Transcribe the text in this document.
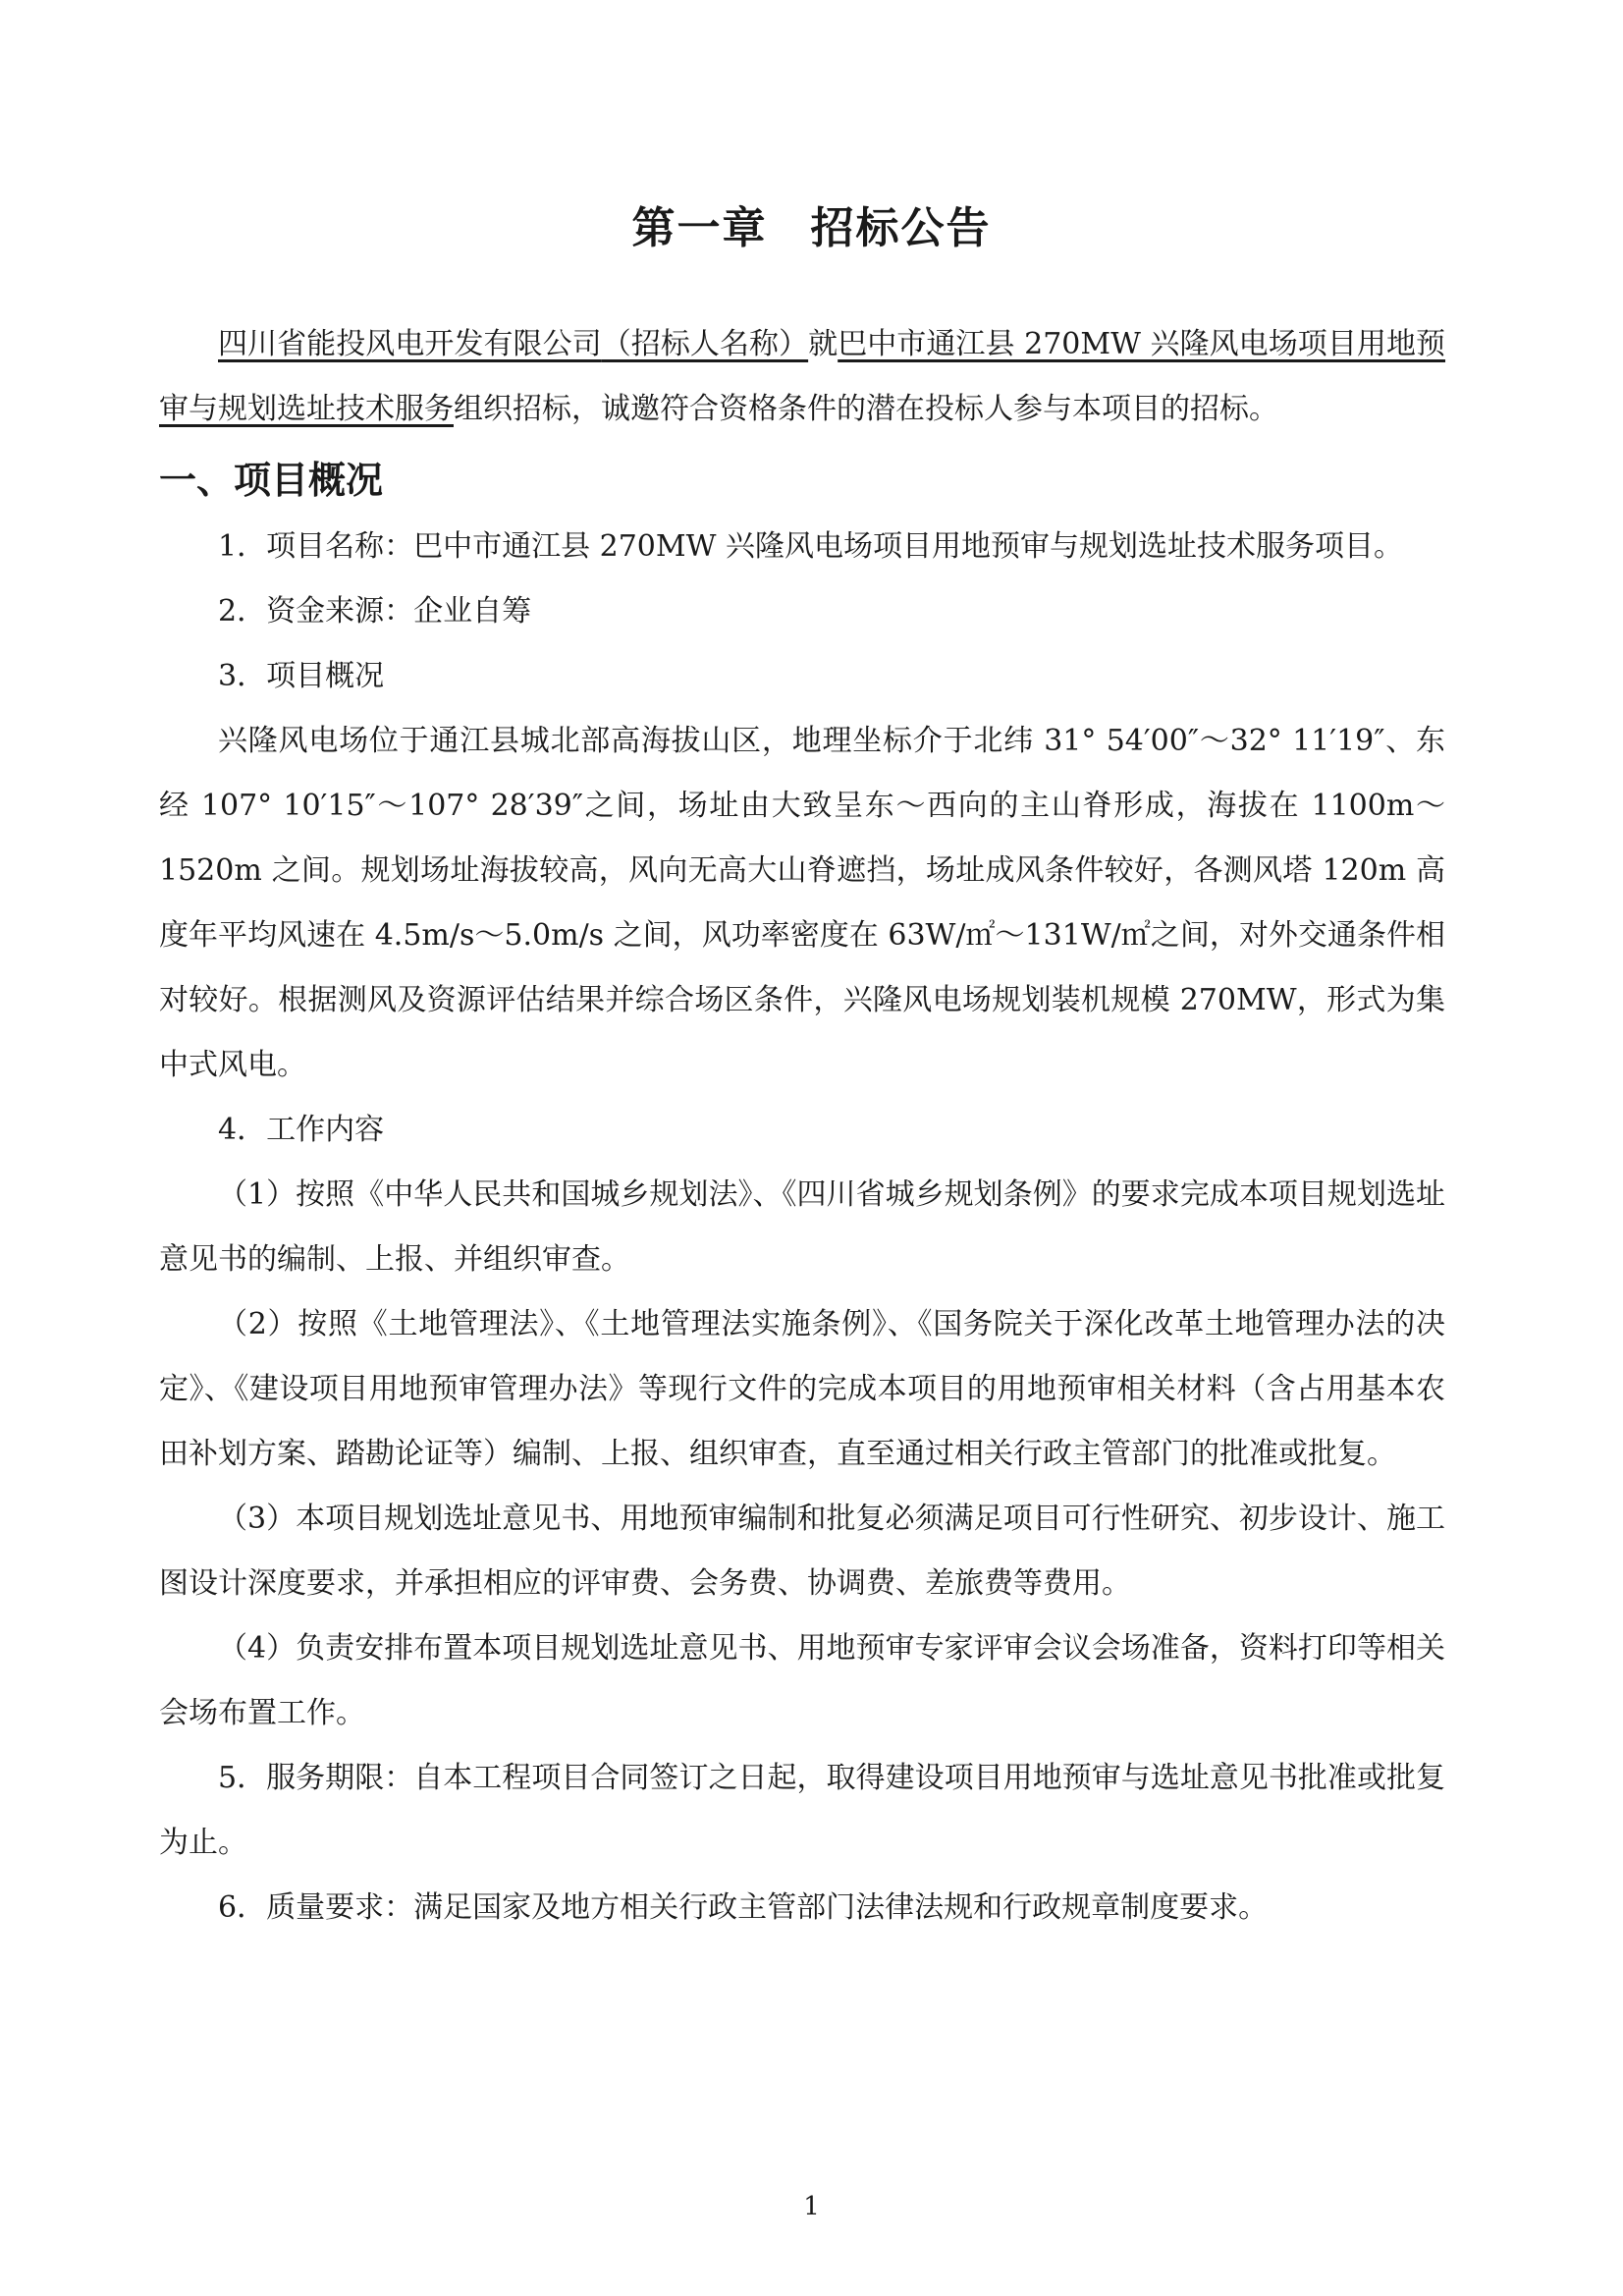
第一章 招标公告

四川省能投风电开发有限公司（招标人名称）就巴中市通江县 270MW 兴隆风电场项目用地预审与规划选址技术服务组织招标，诚邀符合资格条件的潜在投标人参与本项目的招标。

一、项目概况

1．项目名称：巴中市通江县 270MW 兴隆风电场项目用地预审与规划选址技术服务项目。

2．资金来源：企业自筹

3．项目概况

兴隆风电场位于通江县城北部高海拔山区，地理坐标介于北纬 31° 54′00″～32° 11′19″、东经 107° 10′15″～107° 28′39″之间，场址由大致呈东～西向的主山脊形成，海拔在 1100m～1520m 之间。规划场址海拔较高，风向无高大山脊遮挡，场址成风条件较好，各测风塔 120m 高度年平均风速在 4.5m/s～5.0m/s 之间，风功率密度在 63W/㎡～131W/㎡之间，对外交通条件相对较好。根据测风及资源评估结果并综合场区条件，兴隆风电场规划装机规模 270MW，形式为集中式风电。

4．工作内容

（1）按照《中华人民共和国城乡规划法》、《四川省城乡规划条例》的要求完成本项目规划选址意见书的编制、上报、并组织审查。

（2）按照《土地管理法》、《土地管理法实施条例》、《国务院关于深化改革土地管理办法的决定》、《建设项目用地预审管理办法》等现行文件的完成本项目的用地预审相关材料（含占用基本农田补划方案、踏勘论证等）编制、上报、组织审查，直至通过相关行政主管部门的批准或批复。

（3）本项目规划选址意见书、用地预审编制和批复必须满足项目可行性研究、初步设计、施工图设计深度要求，并承担相应的评审费、会务费、协调费、差旅费等费用。

（4）负责安排布置本项目规划选址意见书、用地预审专家评审会议会场准备，资料打印等相关会场布置工作。

5．服务期限：自本工程项目合同签订之日起，取得建设项目用地预审与选址意见书批准或批复为止。

6．质量要求：满足国家及地方相关行政主管部门法律法规和行政规章制度要求。

1
